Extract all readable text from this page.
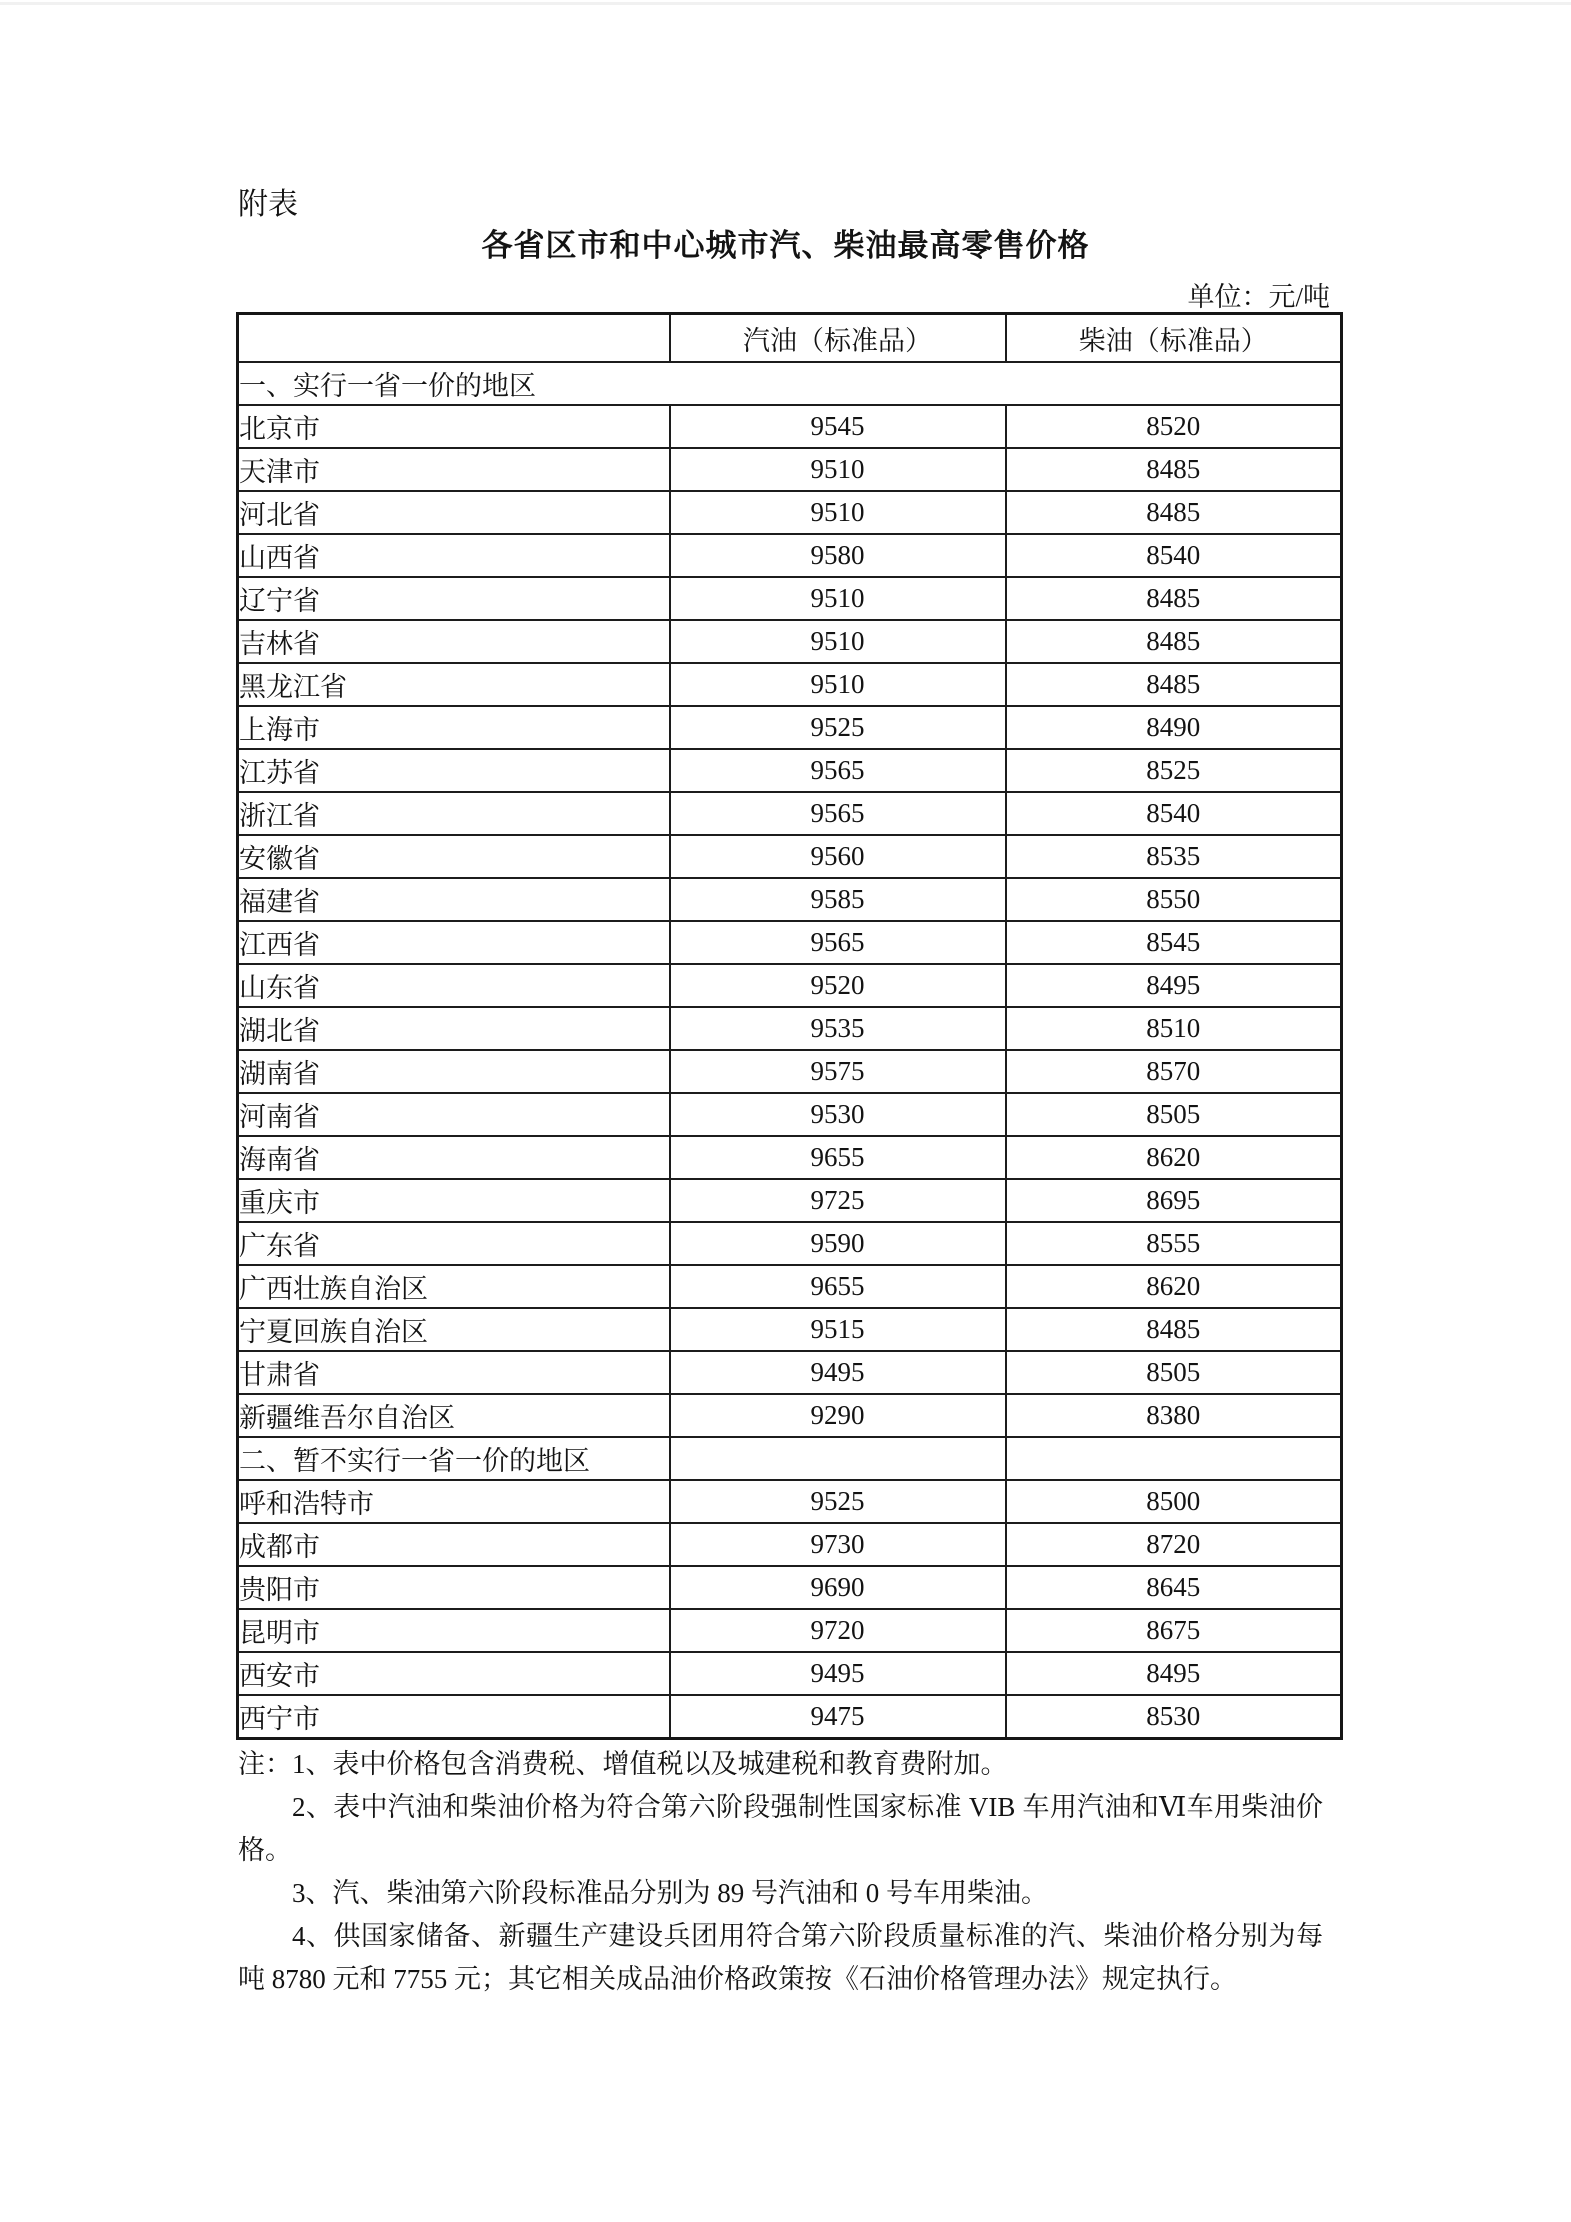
附表
各省区市和中心城市汽、柴油最高零售价格
单位：元/吨
	汽油（标准品）	柴油（标准品）
一、实行一省一价的地区		
北京市	9545	8520
天津市	9510	8485
河北省	9510	8485
山西省	9580	8540
辽宁省	9510	8485
吉林省	9510	8485
黑龙江省	9510	8485
上海市	9525	8490
江苏省	9565	8525
浙江省	9565	8540
安徽省	9560	8535
福建省	9585	8550
江西省	9565	8545
山东省	9520	8495
湖北省	9535	8510
湖南省	9575	8570
河南省	9530	8505
海南省	9655	8620
重庆市	9725	8695
广东省	9590	8555
广西壮族自治区	9655	8620
宁夏回族自治区	9515	8485
甘肃省	9495	8505
新疆维吾尔自治区	9290	8380
二、暂不实行一省一价的地区		
呼和浩特市	9525	8500
成都市	9730	8720
贵阳市	9690	8645
昆明市	9720	8675
西安市	9495	8495
西宁市	9475	8530

注：1、表中价格包含消费税、增值税以及城建税和教育费附加。

2、表中汽油和柴油价格为符合第六阶段强制性国家标准 VIB 车用汽油和Ⅵ车用柴油价格。

3、汽、柴油第六阶段标准品分别为 89 号汽油和 0 号车用柴油。

4、供国家储备、新疆生产建设兵团用符合第六阶段质量标准的汽、柴油价格分别为每吨 8780 元和 7755 元；其它相关成品油价格政策按《石油价格管理办法》规定执行。
